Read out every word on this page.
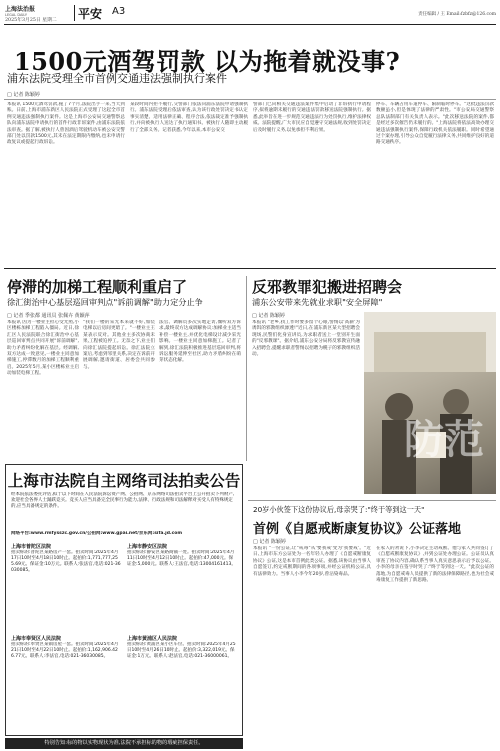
上海法治报
LEGAL DAILY
2025年3月25日 星期二 平安 A3	责任编辑 / 王 Email:fzbfz@126.com
1500元酒驾罚款 以为拖着就没事?
浦东法院受理全市首例交通违法强制执行案件
□ 记者 陈颖婷
本报讯 1500元酒驾罚款,拖了7个月,法院出手一来,当天到账。日前,上海市浦东新区人民法院正式受理了这起全市首例交通违法强制执行案件。这是上海市公安局交通警察总队向浦东法院申请执行的首件行政非诉案件,由浦东法院依法审查。据了解,被执行人曾因酒后驾驶机动车被公安交警部门处以罚款1500元,其未在法定期限内缴纳,也未申请行政复议或提起行政诉讼。
某段时间内拒不履行,交警部门依法向浦东法院申请强制执行。浦东法院受理后依法审查,认为该行政处罚决定书认定事实清楚、适用法律正确、程序合法,依法裁定准予强制执行,并向被执行人送达了执行通知书。被执行人随即主动履行了全部义务。记者获悉,今年以来,本市公安交
警部门已向相关交通违法案件集中启动了非诉执行申请程序,拟将逾期未履行的交通违法罚款移送法院强制执行。据悉,此举旨在进一步规范交通违法行为处罚执行,维护法律权威。法院提醒,广大市民应自觉遵守交通法规,收到处罚决定后及时履行义务,以免承担不利后果。
停车、车辆占用车道停车、限制临时停车。"这批违法罚款数额虽小,但是体现了法律的严肃性。"市公安局交通警察总队法制部门有关负责人表示。"此次移送法院的案件,都是经过多次催告仍未履行的。"上海法院将依法高效办理交通违法强制执行案件,保障行政机关依法履职。同时希望通过个案办理,引导公众自觉履行法律义务,共同维护良好的道路交通秩序。
停滞的加梯工程顺利重启了
徐汇街治中心基层巡回审判点"诉前调解"助力定分止争
□ 记者 季张都 通讯员 张佩卉 黄颖萍
本报讯 因为一楼业主担心受光照,小区楼栋加梯工程陷入僵局。近日,徐汇区人民法院联合徐汇街治中心基层巡回审判点共同开展"诉前调解",助力矛盾纠纷化解在基层。经调解,双方达成一致意见,一楼业主同意加梯施工,停滞数月的加梯工程顺利重启。2025年5月,某小区楼栋业主启动加装电梯工程。
"我们一楼的采光本来就不好,加装电梯以后房间更暗了。"一楼业主王某表示反对。其他业主多次协商未果,工程被迫停工。无奈之下,业主们向徐汇法院提起诉讼。徐汇法院立案后,考虑到邻里关系,决定在诉前开展调解,邀请街道、居委会共同参与。
法官、调解员多次实地走访,倾听双方诉求,最终双方达成调解协议:加梯业主适当补偿一楼业主,并优化电梯设计减少采光影响。一楼业主同意加梯施工。记者了解到,徐汇法院积极推进基层巡回审判,将诉讼服务延伸至社区,助力矛盾纠纷在萌芽状态化解。
反邪教罪犯搬进招聘会
浦东公安带来先就业求职"安全屏障"
□ 记者 陈颖婷
本报讯 "老乡,找工作时要多留个心眼,警惕以'高薪'为诱饵的邪教组织渗透!"近日,在浦东新区某大型招聘会现场,民警们化身宣讲员,为求职者送上一堂别开生面的"反邪教课"。据介绍,浦东公安分局将反邪教宣传融入招聘会,提醒求职者警惕以招聘为幌子的邪教组织活动。
防范
上海市法院自主网络司法拍卖公告
经本院依法委托评估,拟于以下时间在人民法院诉讼资产网、公拍网、京东网络司法拍卖平台上公开拍卖下列财产,欢迎社会各界人士踊跃竞买。竞买人应当具备完全民事行为能力,法律、行政法规和司法解释对买受人有特殊规定的,应当具备规定的条件。
网络平台:www.rmfysszc.gov.cn/公拍网:www.gpai.net/京东网:sifa.jd.com
上海市普陀区法院
拍卖标的:普陀区某路房产一套。拍卖时间:2025年4月17日10时至4月18日10时止。起拍价:1,771,777,255.69元。保证金:10万元。联系人:张法官,电话:021-36030085。
上海市静安区法院
拍卖标的:静安区某路商铺一处。拍卖时间:2025年4月11日10时至4月12日10时止。起拍价:47,000元。保证金:5,000元。联系人:王法官,电话:13004161413。
上海市奉贤区人民法院
拍卖标的:奉贤区某镇房屋一套。拍卖时间:2025年4月21日10时至4月22日10时止。起拍价:1,162,906.426.77元。联系人:李法官,电话:021-36030085。
上海市黄浦区人民法院
拍卖标的:黄浦区某小区车位。拍卖时间:2025年4月25日10时至4月26日10时止。起拍价:3,322,019元。保证金:1万元。联系人:赵法官,电话:021-36000061。
特别告知:标的物以实物现状为准,法院不承担标的物的瑕疵担保责任。
20岁小伙签下这份协议后,母亲哭了:"终于等到这一天"
首例《自愿戒断康复协议》公证落地
□ 记者 陈颖婷
本报讯 "一份公证,让"戒毒"从'要我戒'变为'我要戒'。"近日,上海市东方公证处为一名年轻人办理了《自愿戒断康复协议》公证,这是本市首例此类公证。据悉,该协议由当事人自愿签订,约定戒断期间的各项事项,并经公证机构公证,具有法律效力。当事人小李今年20岁,曾沾染毒品。
在家人的劝说下,小李决定主动戒断。他与家人共同签订了《自愿戒断康复协议》,并到公证处办理公证。公证员认真审查了协议内容,确认系当事人真实意思表示后予以公证。小李的母亲在签字时哭了:"终于等到这一天。"此次公证的落地,为自愿戒毒人员提供了新的法律保障路径,也为社会戒毒康复工作提供了新思路。
